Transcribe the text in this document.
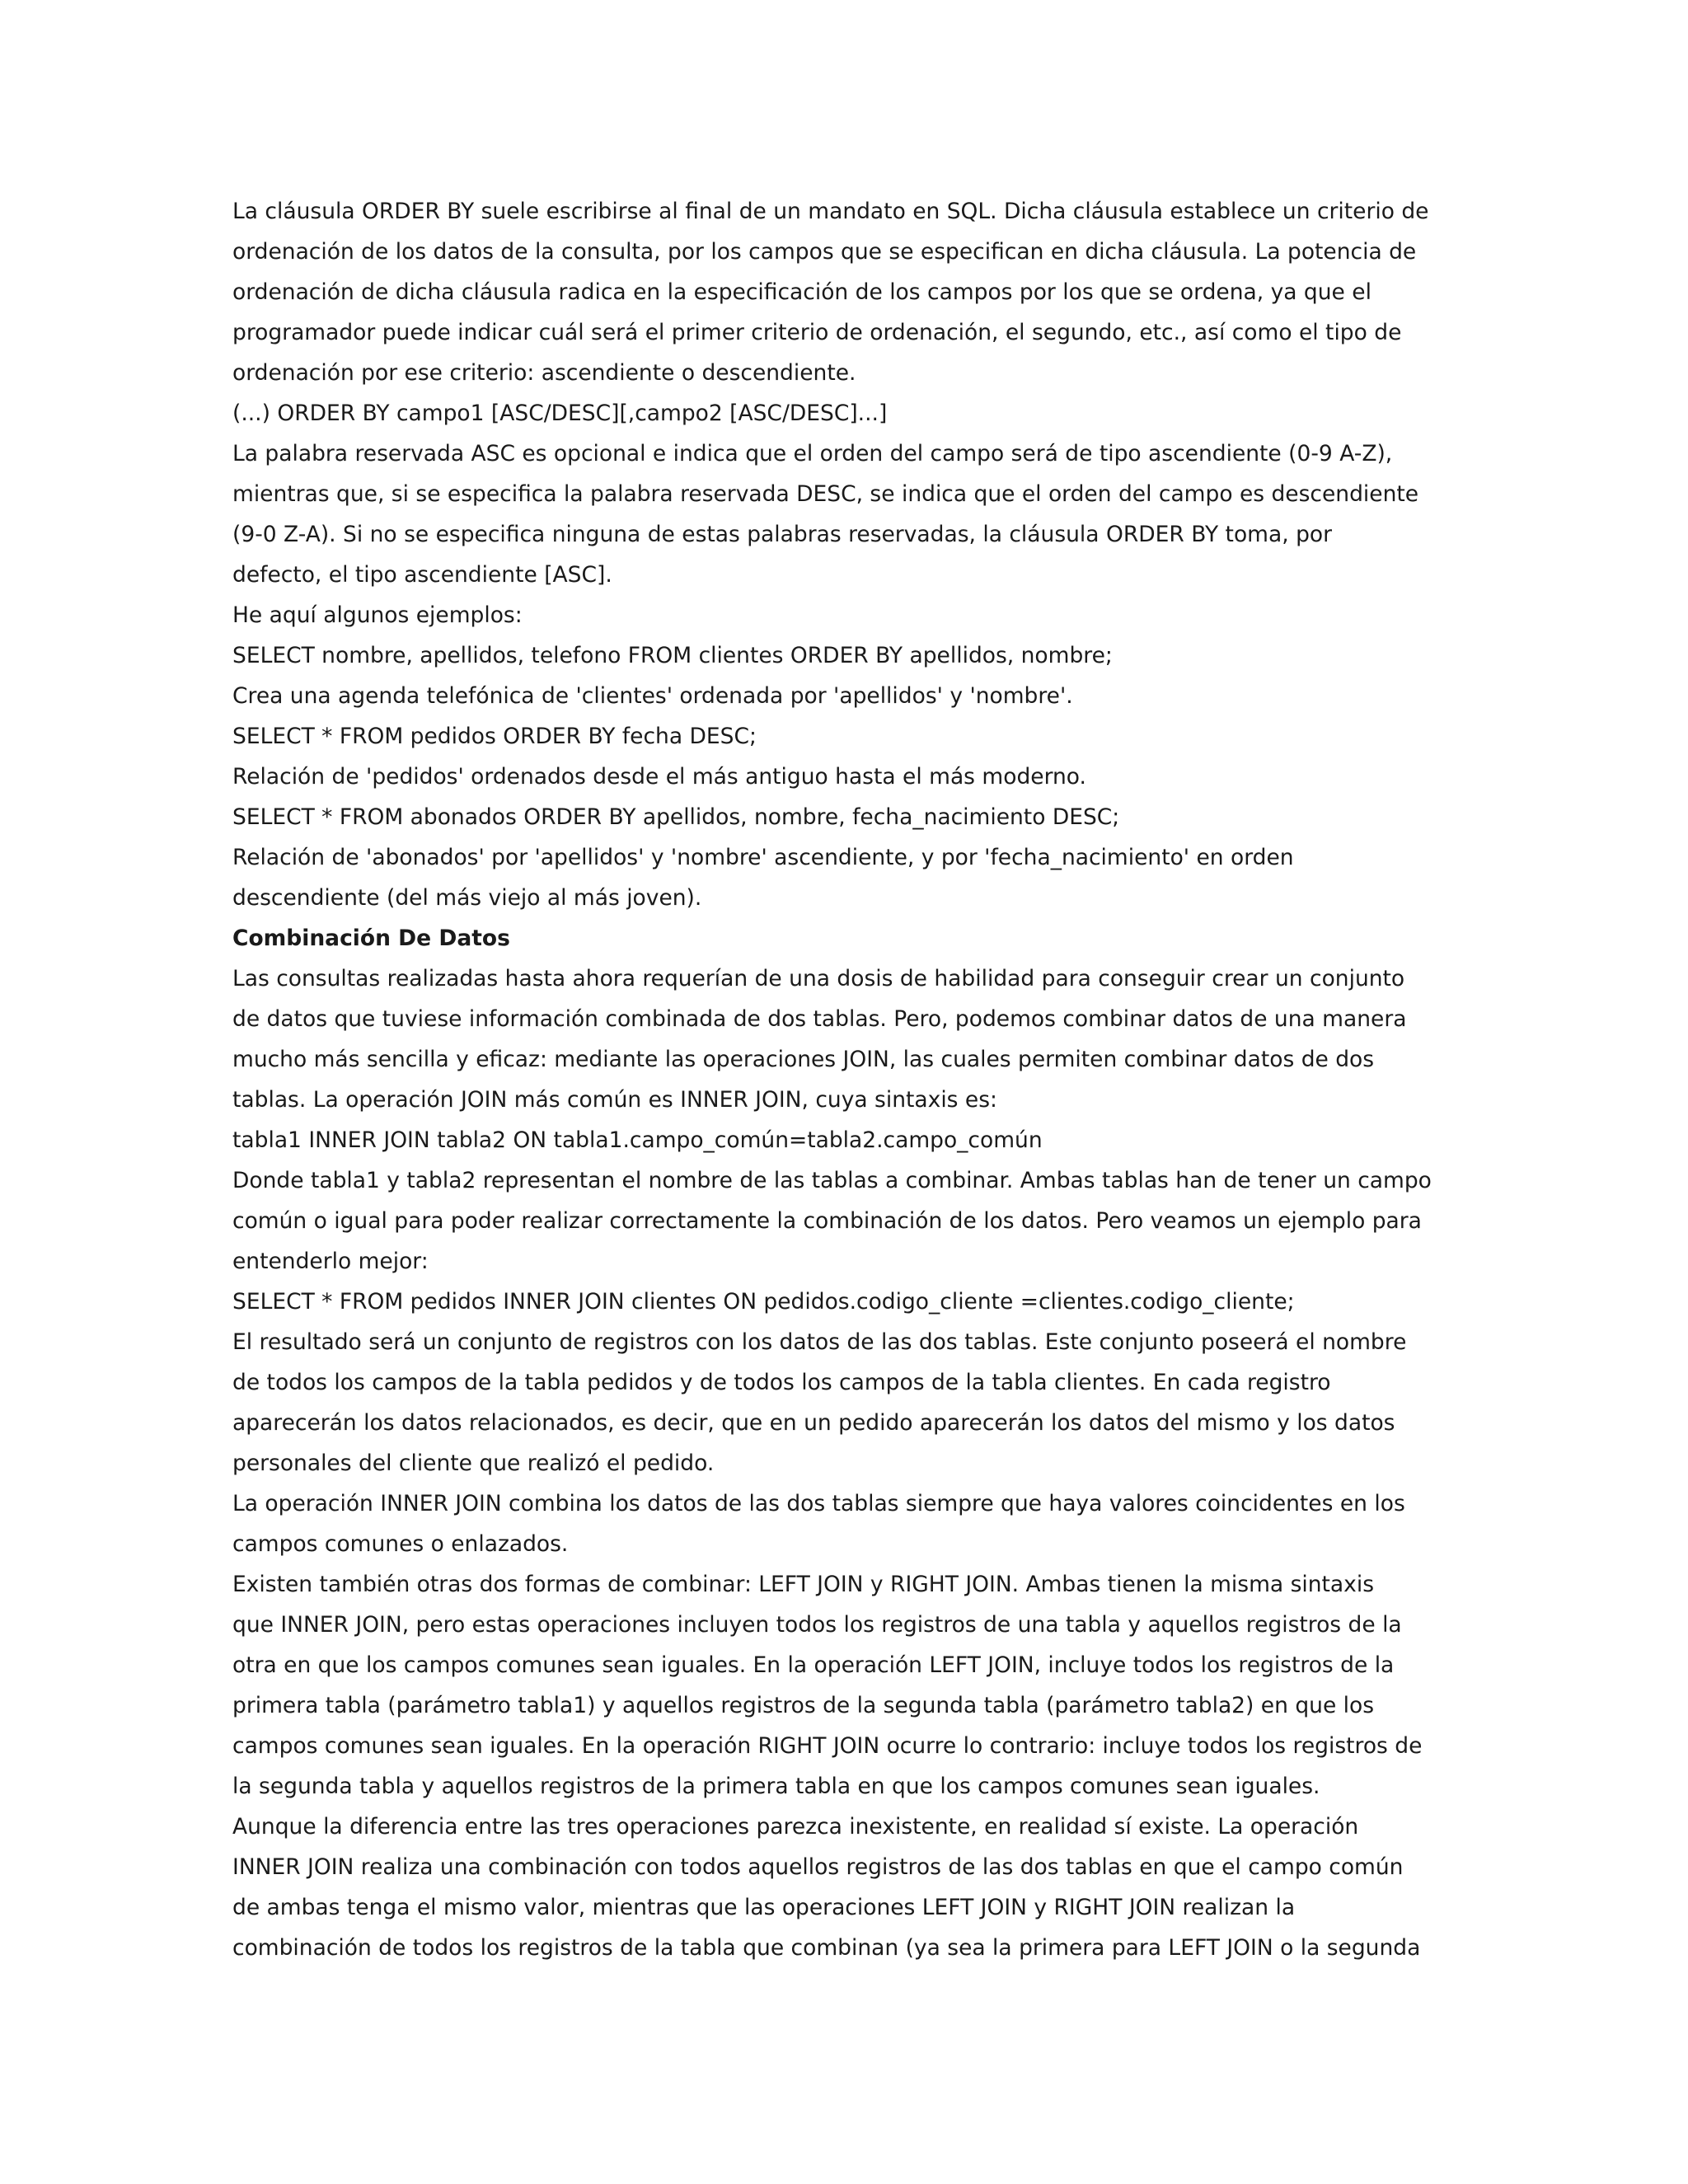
La cláusula ORDER BY suele escribirse al final de un mandato en SQL. Dicha cláusula establece un criterio de

ordenación de los datos de la consulta, por los campos que se especifican en dicha cláusula. La potencia de

ordenación de dicha cláusula radica en la especificación de los campos por los que se ordena, ya que el

programador puede indicar cuál será el primer criterio de ordenación, el segundo, etc., así como el tipo de

ordenación por ese criterio: ascendiente o descendiente.

(...) ORDER BY campo1 [ASC/DESC][,campo2 [ASC/DESC]...]

La palabra reservada ASC es opcional e indica que el orden del campo será de tipo ascendiente (0-9 A-Z),

mientras que, si se especifica la palabra reservada DESC, se indica que el orden del campo es descendiente

(9-0 Z-A). Si no se especifica ninguna de estas palabras reservadas, la cláusula ORDER BY toma, por

defecto, el tipo ascendiente [ASC].

He aquí algunos ejemplos:

SELECT nombre, apellidos, telefono FROM clientes ORDER BY apellidos, nombre;

Crea una agenda telefónica de 'clientes' ordenada por 'apellidos' y 'nombre'.

SELECT * FROM pedidos ORDER BY fecha DESC;

Relación de 'pedidos' ordenados desde el más antiguo hasta el más moderno.

SELECT * FROM abonados ORDER BY apellidos, nombre, fecha_nacimiento DESC;

Relación de 'abonados' por 'apellidos' y 'nombre' ascendiente, y por 'fecha_nacimiento' en orden

descendiente (del más viejo al más joven).

Combinación De Datos

Las consultas realizadas hasta ahora requerían de una dosis de habilidad para conseguir crear un conjunto

de datos que tuviese información combinada de dos tablas. Pero, podemos combinar datos de una manera

mucho más sencilla y eficaz: mediante las operaciones JOIN, las cuales permiten combinar datos de dos

tablas. La operación JOIN más común es INNER JOIN, cuya sintaxis es:

tabla1 INNER JOIN tabla2 ON tabla1.campo_común=tabla2.campo_común

Donde tabla1 y tabla2 representan el nombre de las tablas a combinar. Ambas tablas han de tener un campo

común o igual para poder realizar correctamente la combinación de los datos. Pero veamos un ejemplo para

entenderlo mejor:

SELECT * FROM pedidos INNER JOIN clientes ON pedidos.codigo_cliente =clientes.codigo_cliente;

El resultado será un conjunto de registros con los datos de las dos tablas. Este conjunto poseerá el nombre

de todos los campos de la tabla pedidos y de todos los campos de la tabla clientes. En cada registro

aparecerán los datos relacionados, es decir, que en un pedido aparecerán los datos del mismo y los datos

personales del cliente que realizó el pedido.

La operación INNER JOIN combina los datos de las dos tablas siempre que haya valores coincidentes en los

campos comunes o enlazados.

Existen también otras dos formas de combinar: LEFT JOIN y RIGHT JOIN. Ambas tienen la misma sintaxis

que INNER JOIN, pero estas operaciones incluyen todos los registros de una tabla y aquellos registros de la

otra en que los campos comunes sean iguales. En la operación LEFT JOIN, incluye todos los registros de la

primera tabla (parámetro tabla1) y aquellos registros de la segunda tabla (parámetro tabla2) en que los

campos comunes sean iguales. En la operación RIGHT JOIN ocurre lo contrario: incluye todos los registros de

la segunda tabla y aquellos registros de la primera tabla en que los campos comunes sean iguales.

Aunque la diferencia entre las tres operaciones parezca inexistente, en realidad sí existe. La operación

INNER JOIN realiza una combinación con todos aquellos registros de las dos tablas en que el campo común

de ambas tenga el mismo valor, mientras que las operaciones LEFT JOIN y RIGHT JOIN realizan la

combinación de todos los registros de la tabla que combinan (ya sea la primera para LEFT JOIN o la segunda
